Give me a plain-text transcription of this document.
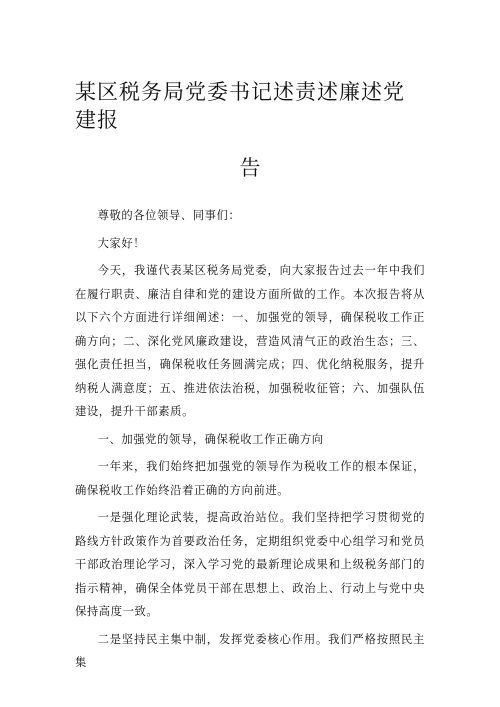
某区税务局党委书记述责述廉述党建报
告

尊敬的各位领导、同事们：

大家好！

今天，我谨代表某区税务局党委，向大家报告过去一年中我们在履行职责、廉洁自律和党的建设方面所做的工作。本次报告将从以下六个方面进行详细阐述：一、加强党的领导，确保税收工作正确方向；二、深化党风廉政建设，营造风清气正的政治生态；三、强化责任担当，确保税收任务圆满完成；四、优化纳税服务，提升纳税人满意度；五、推进依法治税，加强税收征管；六、加强队伍建设，提升干部素质。

一、加强党的领导，确保税收工作正确方向

一年来，我们始终把加强党的领导作为税收工作的根本保证，确保税收工作始终沿着正确的方向前进。

一是强化理论武装，提高政治站位。我们坚持把学习贯彻党的路线方针政策作为首要政治任务，定期组织党委中心组学习和党员干部政治理论学习，深入学习党的最新理论成果和上级税务部门的指示精神，确保全体党员干部在思想上、政治上、行动上与党中央保持高度一致。

二是坚持民主集中制，发挥党委核心作用。我们严格按照民主集
